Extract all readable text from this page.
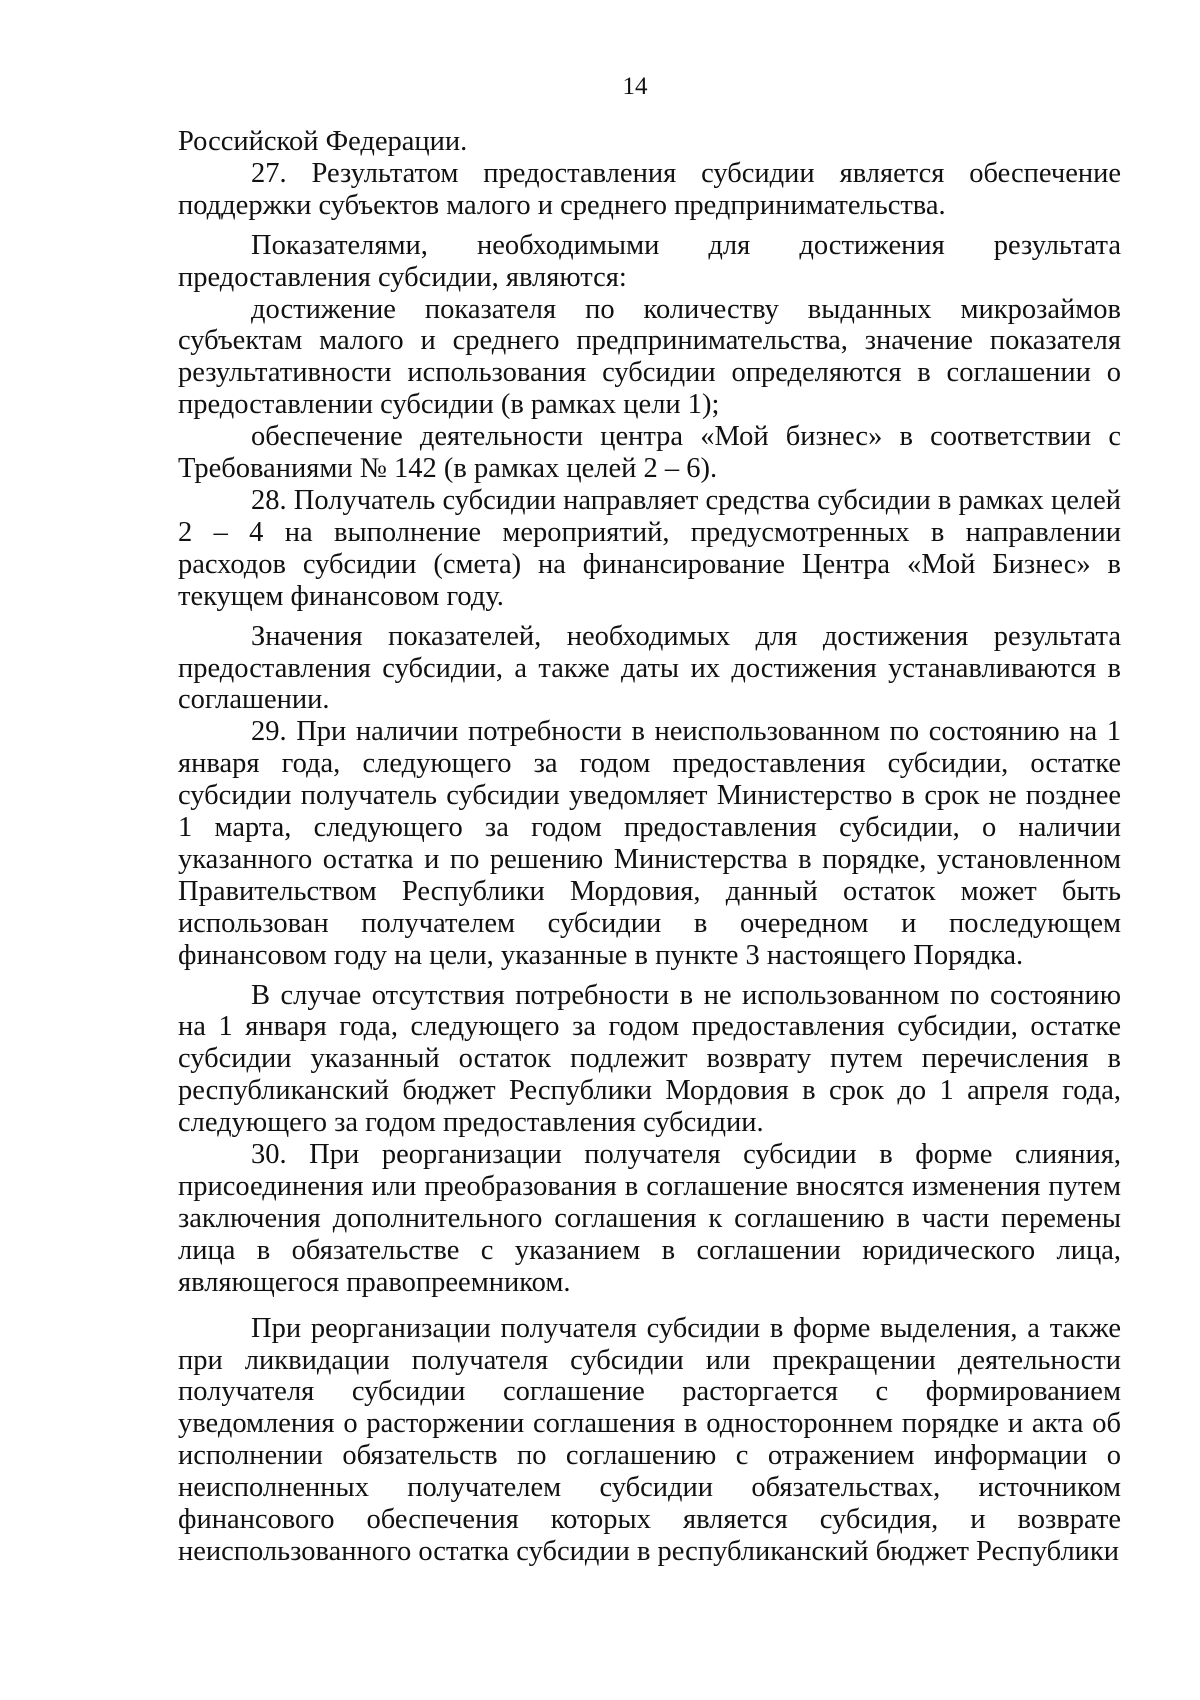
14

Российской Федерации.

27. Результатом предоставления субсидии является обеспечение поддержки субъектов малого и среднего предпринимательства.

Показателями, необходимыми для достижения результата предоставления субсидии, являются:

достижение показателя по количеству выданных микрозаймов субъектам малого и среднего предпринимательства, значение показателя результативности использования субсидии определяются в соглашении о предоставлении субсидии (в рамках цели 1);

обеспечение деятельности центра «Мой бизнес» в соответствии с Требованиями № 142 (в рамках целей 2 – 6).

28. Получатель субсидии направляет средства субсидии в рамках целей 2 – 4 на выполнение мероприятий, предусмотренных в направлении расходов субсидии (смета) на финансирование Центра «Мой Бизнес» в текущем финансовом году.

Значения показателей, необходимых для достижения результата предоставления субсидии, а также даты их достижения устанавливаются в соглашении.

29. При наличии потребности в неиспользованном по состоянию на 1 января года, следующего за годом предоставления субсидии, остатке субсидии получатель субсидии уведомляет Министерство в срок не позднее 1 марта, следующего за годом предоставления субсидии, о наличии указанного остатка и по решению Министерства в порядке, установленном Правительством Республики Мордовия, данный остаток может быть использован получателем субсидии в очередном и последующем финансовом году на цели, указанные в пункте 3 настоящего Порядка.

В случае отсутствия потребности в не использованном по состоянию на 1 января года, следующего за годом предоставления субсидии, остатке субсидии указанный остаток подлежит возврату путем перечисления в республиканский бюджет Республики Мордовия в срок до 1 апреля года, следующего за годом предоставления субсидии.

30. При реорганизации получателя субсидии в форме слияния, присоединения или преобразования в соглашение вносятся изменения путем заключения дополнительного соглашения к соглашению в части перемены лица в обязательстве с указанием в соглашении юридического лица, являющегося правопреемником.

При реорганизации получателя субсидии в форме выделения, а также при ликвидации получателя субсидии или прекращении деятельности получателя субсидии соглашение расторгается с формированием уведомления о расторжении соглашения в одностороннем порядке и акта об исполнении обязательств по соглашению с отражением информации о неисполненных получателем субсидии обязательствах, источником финансового обеспечения которых является субсидия, и возврате неиспользованного остатка субсидии в республиканский бюджет Республики
